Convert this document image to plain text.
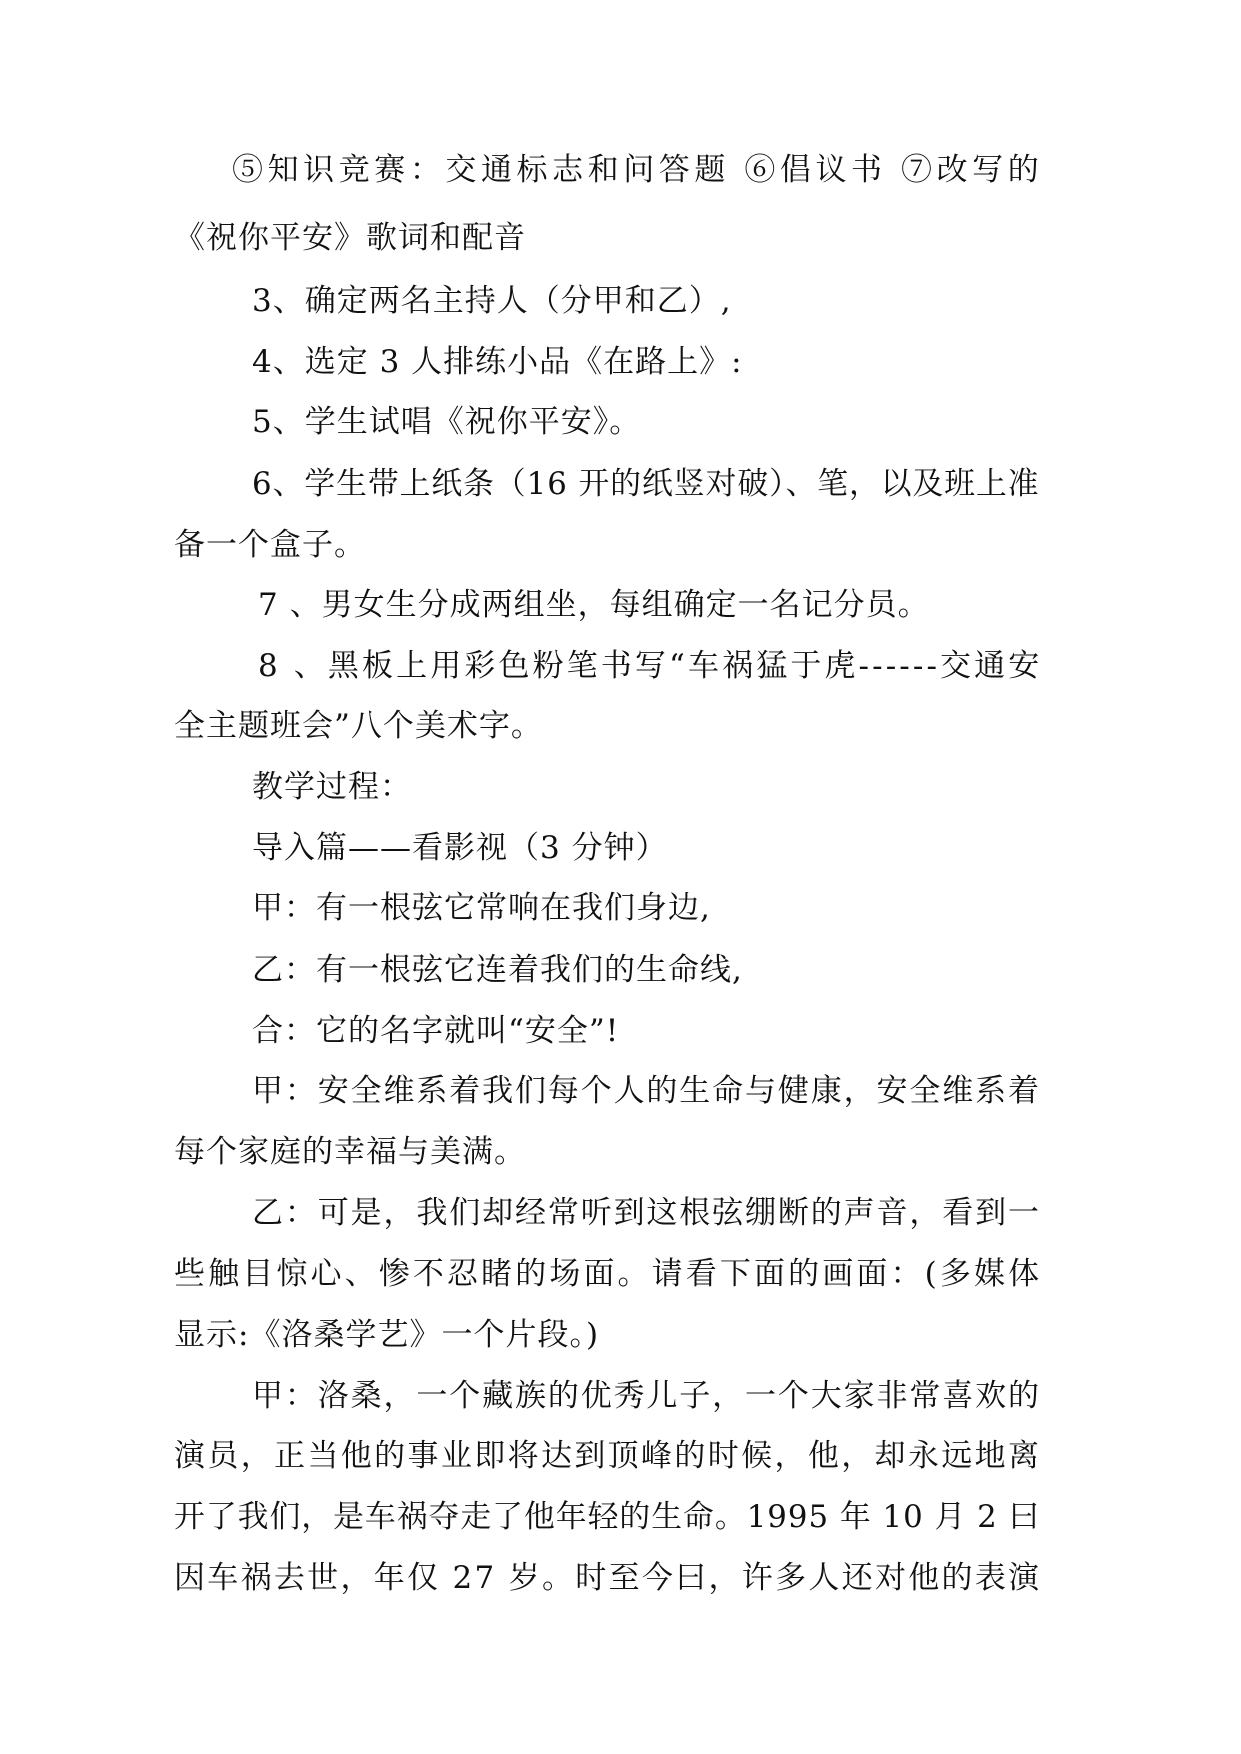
⑤知识竞赛：交通标志和问答题 ⑥倡议书 ⑦改写的
《祝你平安》歌词和配音
3、确定两名主持人（分甲和乙）,
4、选定 3 人排练小品《在路上》:
5、学生试唱《祝你平安》。
6、学生带上纸条（16 开的纸竖对破）、笔，以及班上准
备一个盒子。
7 、男女生分成两组坐，每组确定一名记分员。
8 、黑板上用彩色粉笔书写“车祸猛于虎------交通安
全主题班会”八个美术字。
教学过程：
导入篇——看影视（3 分钟）
甲：有一根弦它常响在我们身边,
乙：有一根弦它连着我们的生命线,
合：它的名字就叫“安全”!
甲：安全维系着我们每个人的生命与健康，安全维系着
每个家庭的幸福与美满。
乙：可是，我们却经常听到这根弦绷断的声音，看到一
些触目惊心、惨不忍睹的场面。请看下面的画面：(多媒体
显示:《洛桑学艺》一个片段。)
甲：洛桑，一个藏族的优秀儿子，一个大家非常喜欢的
演员，正当他的事业即将达到顶峰的时候，他，却永远地离
开了我们，是车祸夺走了他年轻的生命。1995 年 10 月 2 曰
因车祸去世，年仅 27 岁。时至今曰，许多人还对他的表演
